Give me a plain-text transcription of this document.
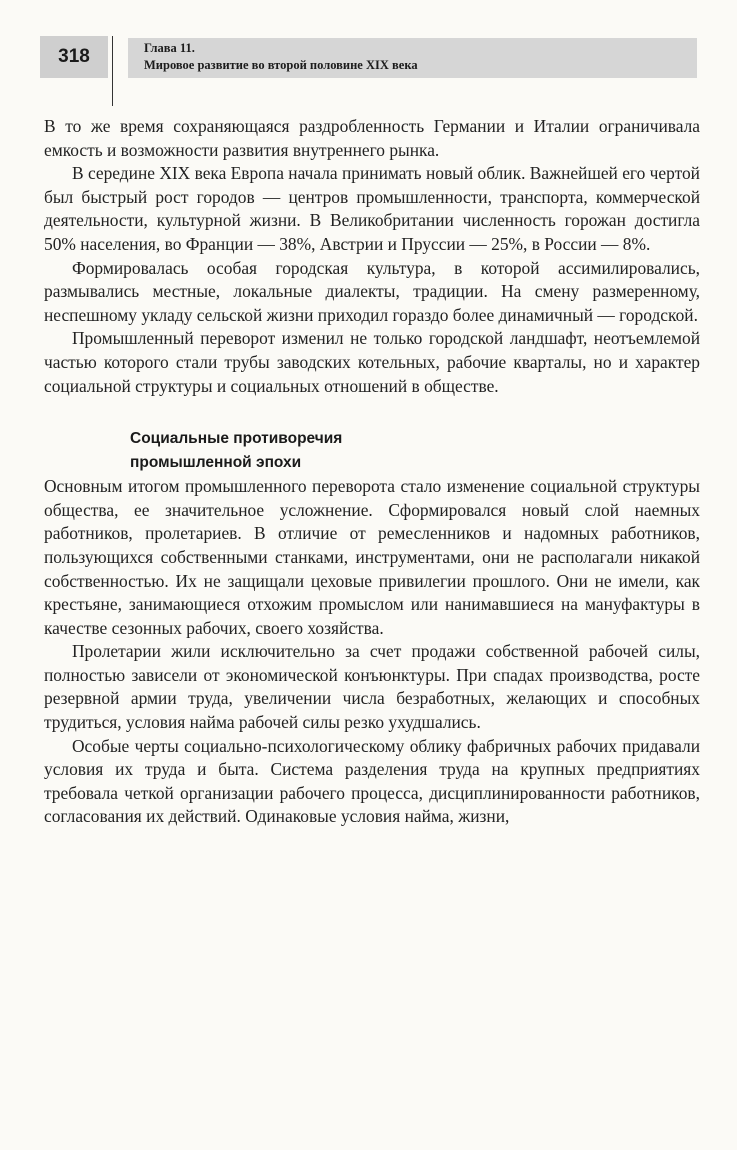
318	Глава 11.
Мировое развитие во второй половине XIX века

В то же время сохраняющаяся раздробленность Германии и Италии ограничивала емкость и возможности развития внутреннего рынка.

В середине XIX века Европа начала принимать новый облик. Важнейшей его чертой был быстрый рост городов — центров промышленности, транспорта, коммерческой деятельности, культурной жизни. В Великобритании численность горожан достигла 50% населения, во Франции — 38%, Австрии и Пруссии — 25%, в России — 8%.

Формировалась особая городская культура, в которой ассимилировались, размывались местные, локальные диалекты, традиции. На смену размеренному, неспешному укладу сельской жизни приходил гораздо более динамичный — городской.

Промышленный переворот изменил не только городской ландшафт, неотъемлемой частью которого стали трубы заводских котельных, рабочие кварталы, но и характер социальной структуры и социальных отношений в обществе.

Социальные противоречия
промышленной эпохи

Основным итогом промышленного переворота стало изменение социальной структуры общества, ее значительное усложнение. Сформировался новый слой наемных работников, пролетариев. В отличие от ремесленников и надомных работников, пользующихся собственными станками, инструментами, они не располагали никакой собственностью. Их не защищали цеховые привилегии прошлого. Они не имели, как крестьяне, занимающиеся отхожим промыслом или нанимавшиеся на мануфактуры в качестве сезонных рабочих, своего хозяйства.

Пролетарии жили исключительно за счет продажи собственной рабочей силы, полностью зависели от экономической конъюнктуры. При спадах производства, росте резервной армии труда, увеличении числа безработных, желающих и способных трудиться, условия найма рабочей силы резко ухудшались.

Особые черты социально-психологическому облику фабричных рабочих придавали условия их труда и быта. Система разделения труда на крупных предприятиях требовала четкой организации рабочего процесса, дисциплинированности работников, согласования их действий. Одинаковые условия найма, жизни,
